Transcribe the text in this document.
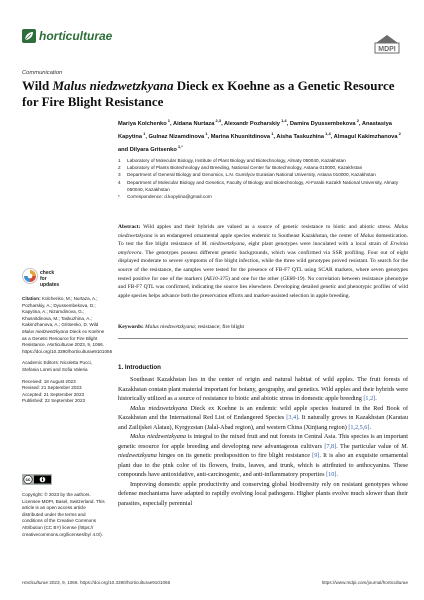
horticulturae
MDPI
Communication
Wild Malus niedzwetzkyana Dieck ex Koehne as a Genetic Resource for Fire Blight Resistance
Mariya Kolchenko $^1$, Aidana Nurtaza $^{2,3}$, Alexandr Pozharskiy $^{1,4}$, Damira Dyussembekova $^2$, Anastasiya Kapytina $^1$, Gulnaz Nizamdinova $^1$, Marina Khusnitdinova $^1$, Aisha Taskuzhina $^{1,4}$, Almagul Kakimzhanova $^2$ and Dilyara Gritsenko $^{1,*}$
1	Laboratory of Molecular Biology, Institute of Plant Biology and Biotechnology, Almaty 050040, Kazakhstan
2	Laboratory of Plants Biotechnology and Breeding, National Center for Biotechnology, Astana 010000, Kazakhstan
3	Department of General Biology and Genomics, L.N. Gumilyov Eurasian National University, Astana 010000, Kazakhstan
4	Department of Molecular Biology and Genetics, Faculty of Biology and Biotechnology, Al-Farabi Kazakh National University, Almaty 050040, Kazakhstan
*	Correspondence: d.kopytina@gmail.com
Abstract: Wild apples and their hybrids are valued as a source of genetic resistance to biotic and abiotic stress. Malus niedzwetzkyana is an endangered ornamental apple species endemic to Southeast Kazakhstan, the center of Malus domestication. To test the fire blight resistance of M. niedzwetzkyana, eight plant genotypes were inoculated with a local strain of Erwinia amylovora. The genotypes possess different genetic backgrounds, which was confirmed via SSR profiling. Four out of eight displayed moderate to severe symptoms of fire blight infection, while the three wild genotypes proved resistant. To search for the source of the resistance, the samples were tested for the presence of FB-F7 QTL using SCAR markers, where seven genotypes tested positive for one of the markers (AE10-375) and one for the other (GE80-19). No correlation between resistance phenotype and FB-F7 QTL was confirmed, indicating the source lies elsewhere. Developing detailed genetic and phenotypic profiles of wild apple species helps advance both the preservation efforts and marker-assisted selection in apple breeding.
Keywords: Malus niedzwetzkyana; resistance; fire blight
check for
updates

Citation: Kolchenko, M.; Nurtaza, A.; Pozharskiy, A.; Dyussembekova, D.; Kapytina, A.; Nizamdinova, G.; Khusnitdinova, M.; Taskuzhina, A.; Kakimzhanova, A.; Gritsenko, D. Wild Malus niedzwetzkyana Dieck ex Koehne as a Genetic Resource for Fire Blight Resistance. Horticulturae 2023, 9, 1066. https://doi.org/10.3390/horticulturae9101066

Academic Editors: Nicoletta Pucci, Stefania Loreti and Sofia Valeria

Received: 18 August 2023
Revised: 21 September 2023
Accepted: 21 September 2023
Published: 22 September 2023

cc
Copyright: © 2023 by the authors. Licensee MDPI, Basel, Switzerland. This article is an open access article distributed under the terms and conditions of the Creative Commons Attribution (CC BY) license (https:// creativecommons.org/licenses/by/ 4.0/).
1. Introduction

Southeast Kazakhstan lies in the center of origin and natural habitat of wild apples. The fruit forests of Kazakhstan contain plant material important for botany, geography, and genetics. Wild apples and their hybrids were historically utilized as a source of resistance to biotic and abiotic stress in domestic apple breeding [1,2].

Malus niedzwetzkyana Dieck ex Koehne is an endemic wild apple species featured in the Red Book of Kazakhstan and the International Red List of Endangered Species [3,4]. It naturally grows in Kazakhstan (Karatau and Zailijskei Alatau), Kyrgyzstan (Jalal-Abad region), and western China (Xinjiang region) [1,2,5,6].

Malus niedzwetzkyana is integral to the mixed fruit and nut forests in Central Asia. This species is an important genetic resource for apple breeding and developing new advantageous cultivars [7,8]. The particular value of M. niedzwetzkyana hinges on its genetic predisposition to fire blight resistance [9]. It is also an exquisite ornamental plant due to the pink color of its flowers, fruits, leaves, and trunk, which is attributed to anthocyanins. These compounds have antioxidative, anti-carcinogenic, and anti-inflammatory properties [10].

Improving domestic apple productivity and conserving global biodiversity rely on resistant genotypes whose defense mechanisms have adapted to rapidly evolving local pathogens. Higher plants evolve much slower than their parasites, especially perennial

Horticulturae 2023, 9, 1066. https://doi.org/10.3390/horticulturae9101066	https://www.mdpi.com/journal/horticulturae
